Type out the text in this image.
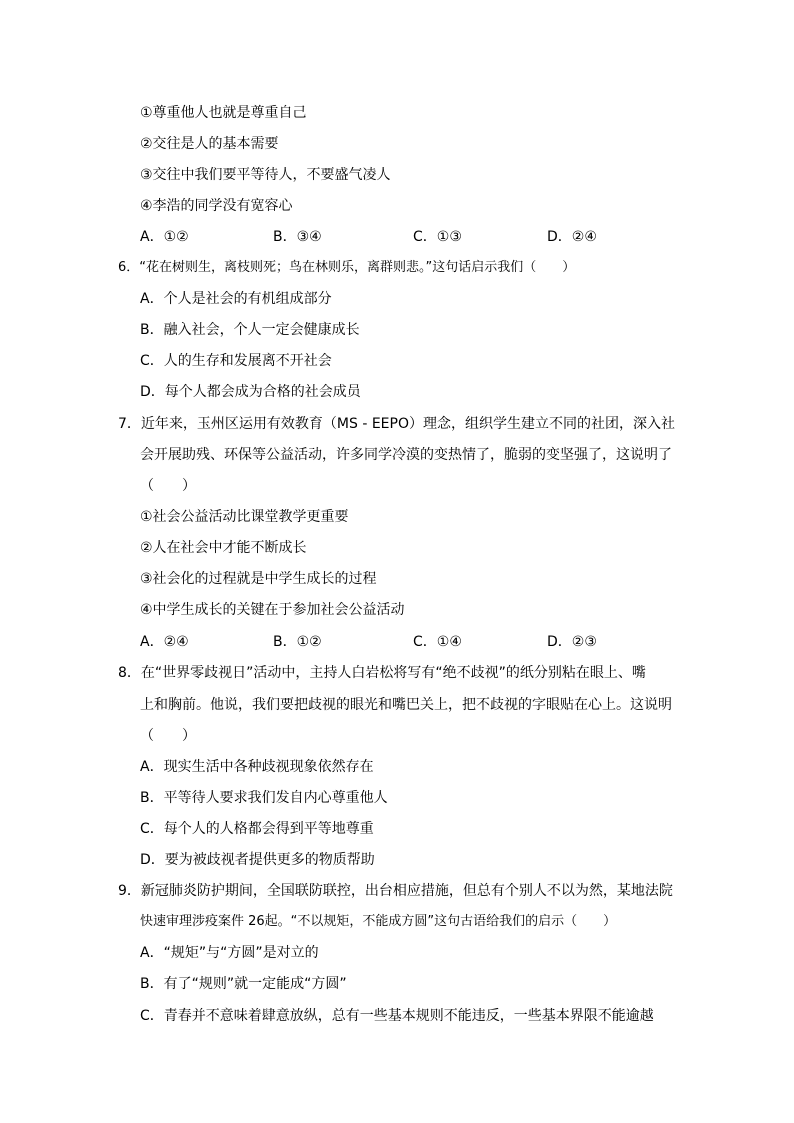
①尊重他人也就是尊重自己
②交往是人的基本需要
③交往中我们要平等待人，不要盛气凌人
④李浩的同学没有宽容心
A．①②	B．③④	C．①③	D．②④
6．“花在树则生，离枝则死；鸟在林则乐，离群则悲。”这句话启示我们（　　）
A．个人是社会的有机组成部分
B．融入社会，个人一定会健康成长
C．人的生存和发展离不开社会
D．每个人都会成为合格的社会成员
7．近年来，玉州区运用有效教育（MS - EEPO）理念，组织学生建立不同的社团，深入社
会开展助残、环保等公益活动，许多同学冷漠的变热情了，脆弱的变坚强了，这说明了
（　　）
①社会公益活动比课堂教学更重要
②人在社会中才能不断成长
③社会化的过程就是中学生成长的过程
④中学生成长的关键在于参加社会公益活动
A．②④	B．①②	C．①④	D．②③
8．在“世界零歧视日”活动中，主持人白岩松将写有“绝不歧视”的纸分别粘在眼上、嘴
上和胸前。他说，我们要把歧视的眼光和嘴巴关上，把不歧视的字眼贴在心上。这说明
（　　）
A．现实生活中各种歧视现象依然存在
B．平等待人要求我们发自内心尊重他人
C．每个人的人格都会得到平等地尊重
D．要为被歧视者提供更多的物质帮助
9．新冠肺炎防护期间，全国联防联控，出台相应措施，但总有个别人不以为然，某地法院
快速审理涉疫案件 26起。“不以规矩，不能成方圆”这句古语给我们的启示（　　）
A．“规矩”与“方圆”是对立的
B．有了“规则”就一定能成“方圆”
C．青春并不意味着肆意放纵，总有一些基本规则不能违反，一些基本界限不能逾越
